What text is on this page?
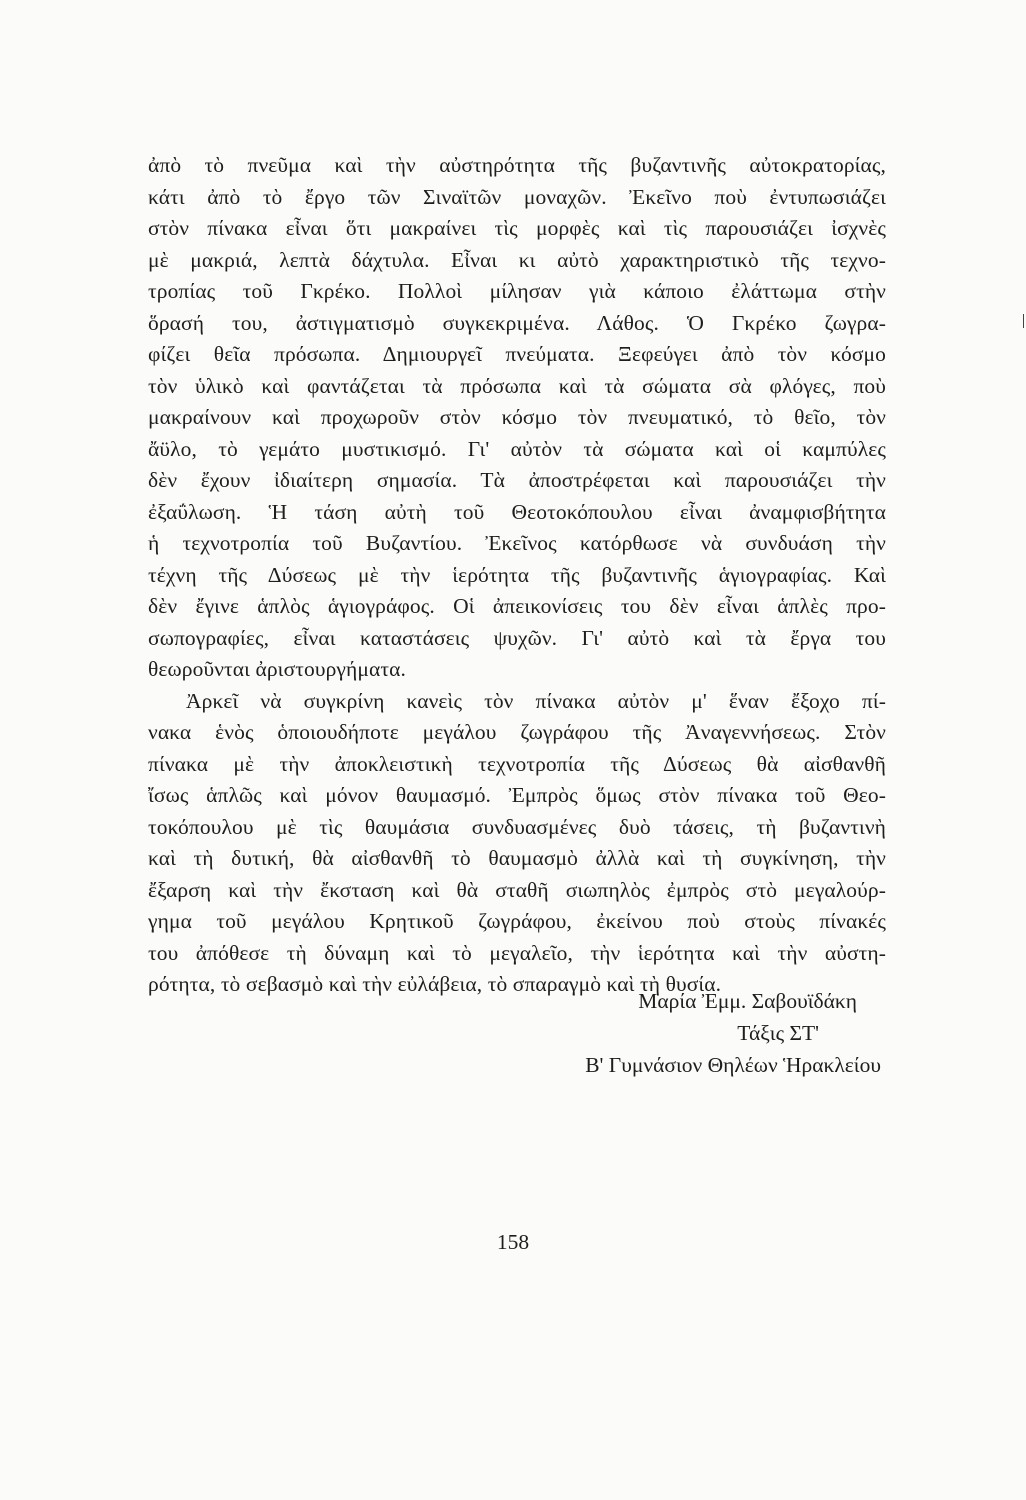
ἀπὸ τὸ πνεῦμα καὶ τὴν αὐστηρότητα τῆς βυζαντινῆς αὐτοκρατορίας,
κάτι ἀπὸ τὸ ἔργο τῶν Σιναϊτῶν μοναχῶν. Ἐκεῖνο ποὺ ἐντυπωσιάζει
στὸν πίνακα εἶναι ὅτι μακραίνει τὶς μορφὲς καὶ τὶς παρουσιάζει ἰσχνὲς
μὲ μακριά, λεπτὰ δάχτυλα. Εἶναι κι αὐτὸ χαρακτηριστικὸ τῆς τεχνο-
τροπίας τοῦ Γκρέκο. Πολλοὶ μίλησαν γιὰ κάποιο ἐλάττωμα στὴν
ὅρασή του, ἀστιγματισμὸ συγκεκριμένα. Λάθος. Ὁ Γκρέκο ζωγρα-
φίζει θεῖα πρόσωπα. Δημιουργεῖ πνεύματα. Ξεφεύγει ἀπὸ τὸν κόσμο
τὸν ὑλικὸ καὶ φαντάζεται τὰ πρόσωπα καὶ τὰ σώματα σὰ φλόγες, ποὺ
μακραίνουν καὶ προχωροῦν στὸν κόσμο τὸν πνευματικό, τὸ θεῖο, τὸν
ἄϋλο, τὸ γεμάτο μυστικισμό. Γι' αὐτὸν τὰ σώματα καὶ οἱ καμπύλες
δὲν ἔχουν ἰδιαίτερη σημασία. Τὰ ἀποστρέφεται καὶ παρουσιάζει τὴν
ἐξαΰλωση. Ἡ τάση αὐτὴ τοῦ Θεοτοκόπουλου εἶναι ἀναμφισβήτητα
ἡ τεχνοτροπία τοῦ Βυζαντίου. Ἐκεῖνος κατόρθωσε νὰ συνδυάση τὴν
τέχνη τῆς Δύσεως μὲ τὴν ἱερότητα τῆς βυζαντινῆς ἁγιογραφίας. Καὶ
δὲν ἔγινε ἁπλὸς ἁγιογράφος. Οἱ ἀπεικονίσεις του δὲν εἶναι ἁπλὲς προ-
σωπογραφίες, εἶναι καταστάσεις ψυχῶν. Γι' αὐτὸ καὶ τὰ ἔργα του
θεωροῦνται ἀριστουργήματα.
Ἀρκεῖ νὰ συγκρίνη κανεὶς τὸν πίνακα αὐτὸν μ' ἕναν ἔξοχο πί-
νακα ἑνὸς ὁποιουδήποτε μεγάλου ζωγράφου τῆς Ἀναγεννήσεως. Στὸν
πίνακα μὲ τὴν ἀποκλειστικὴ τεχνοτροπία τῆς Δύσεως θὰ αἰσθανθῆ
ἴσως ἁπλῶς καὶ μόνον θαυμασμό. Ἐμπρὸς ὅμως στὸν πίνακα τοῦ Θεο-
τοκόπουλου μὲ τὶς θαυμάσια συνδυασμένες δυὸ τάσεις, τὴ βυζαντινὴ
καὶ τὴ δυτική, θὰ αἰσθανθῆ τὸ θαυμασμὸ ἀλλὰ καὶ τὴ συγκίνηση, τὴν
ἔξαρση καὶ τὴν ἔκσταση καὶ θὰ σταθῆ σιωπηλὸς ἐμπρὸς στὸ μεγαλούρ-
γημα τοῦ μεγάλου Κρητικοῦ ζωγράφου, ἐκείνου ποὺ στοὺς πίνακές
του ἀπόθεσε τὴ δύναμη καὶ τὸ μεγαλεῖο, τὴν ἱερότητα καὶ τὴν αὐστη-
ρότητα, τὸ σεβασμὸ καὶ τὴν εὐλάβεια, τὸ σπαραγμὸ καὶ τὴ θυσία.
Μαρία Ἐμμ. Σαβουϊδάκη
Τάξις ΣΤ'
Β' Γυμνάσιον Θηλέων Ἡρακλείου
158
